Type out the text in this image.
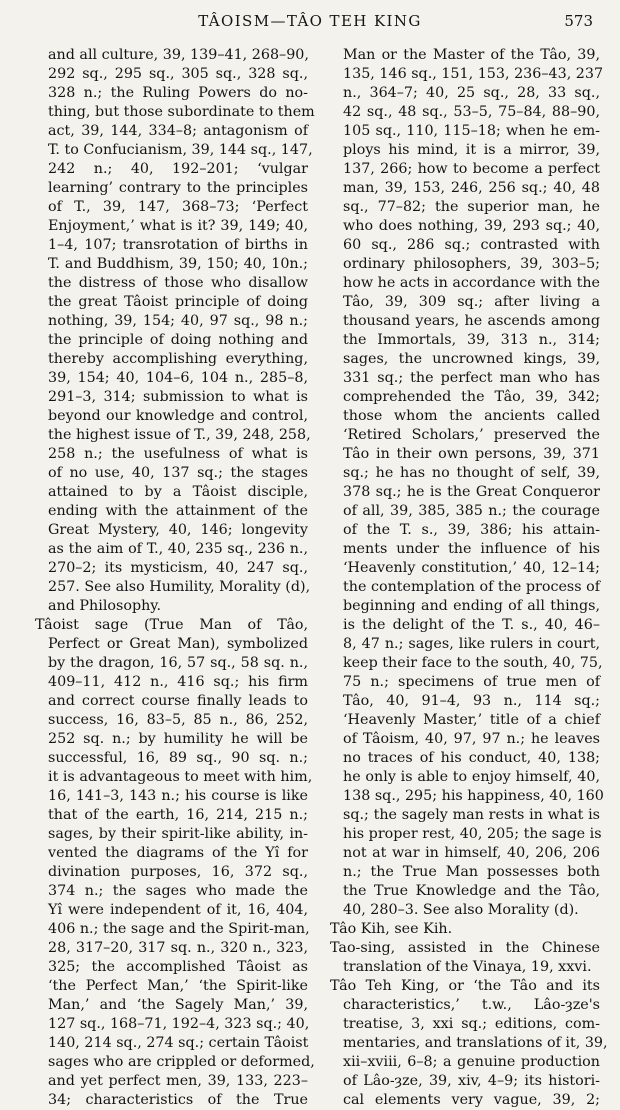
TÂOISM—TÂO TEH KING	573
and all culture, 39, 139–41, 268–90,
292 sq., 295 sq., 305 sq., 328 sq.,
328 n.; the Ruling Powers do no-
thing, but those subordinate to them
act, 39, 144, 334–8; antagonism of
T. to Confucianism, 39, 144 sq., 147,
242 n.; 40, 192–201; ‘vulgar
learning’ contrary to the principles
of T., 39, 147, 368–73; ‘Perfect
Enjoyment,’ what is it? 39, 149; 40,
1–4, 107; transrotation of births in
T. and Buddhism, 39, 150; 40, 10n.;
the distress of those who disallow
the great Tâoist principle of doing
nothing, 39, 154; 40, 97 sq., 98 n.;
the principle of doing nothing and
thereby accomplishing everything,
39, 154; 40, 104–6, 104 n., 285–8,
291–3, 314; submission to what is
beyond our knowledge and control,
the highest issue of T., 39, 248, 258,
258 n.; the usefulness of what is
of no use, 40, 137 sq.; the stages
attained to by a Tâoist disciple,
ending with the attainment of the
Great Mystery, 40, 146; longevity
as the aim of T., 40, 235 sq., 236 n.,
270–2; its mysticism, 40, 247 sq.,
257. See also Humility, Morality (d),
and Philosophy.
Tâoist sage (True Man of Tâo,
Perfect or Great Man), symbolized
by the dragon, 16, 57 sq., 58 sq. n.,
409–11, 412 n., 416 sq.; his firm
and correct course finally leads to
success, 16, 83–5, 85 n., 86, 252,
252 sq. n.; by humility he will be
successful, 16, 89 sq., 90 sq. n.;
it is advantageous to meet with him,
16, 141–3, 143 n.; his course is like
that of the earth, 16, 214, 215 n.;
sages, by their spirit-like ability, in-
vented the diagrams of the Yî for
divination purposes, 16, 372 sq.,
374 n.; the sages who made the
Yî were independent of it, 16, 404,
406 n.; the sage and the Spirit-man,
28, 317–20, 317 sq. n., 320 n., 323,
325; the accomplished Tâoist as
‘the Perfect Man,’ ‘the Spirit-like
Man,’ and ‘the Sagely Man,’ 39,
127 sq., 168–71, 192–4, 323 sq.; 40,
140, 214 sq., 274 sq.; certain Tâoist
sages who are crippled or deformed,
and yet perfect men, 39, 133, 223–
34; characteristics of the True
Man or the Master of the Tâo, 39,
135, 146 sq., 151, 153, 236–43, 237
n., 364–7; 40, 25 sq., 28, 33 sq.,
42 sq., 48 sq., 53–5, 75–84, 88–90,
105 sq., 110, 115–18; when he em-
ploys his mind, it is a mirror, 39,
137, 266; how to become a perfect
man, 39, 153, 246, 256 sq.; 40, 48
sq., 77–82; the superior man, he
who does nothing, 39, 293 sq.; 40,
60 sq., 286 sq.; contrasted with
ordinary philosophers, 39, 303–5;
how he acts in accordance with the
Tâo, 39, 309 sq.; after living a
thousand years, he ascends among
the Immortals, 39, 313 n., 314;
sages, the uncrowned kings, 39,
331 sq.; the perfect man who has
comprehended the Tâo, 39, 342;
those whom the ancients called
‘Retired Scholars,’ preserved the
Tâo in their own persons, 39, 371
sq.; he has no thought of self, 39,
378 sq.; he is the Great Conqueror
of all, 39, 385, 385 n.; the courage
of the T. s., 39, 386; his attain-
ments under the influence of his
‘Heavenly constitution,’ 40, 12–14;
the contemplation of the process of
beginning and ending of all things,
is the delight of the T. s., 40, 46–
8, 47 n.; sages, like rulers in court,
keep their face to the south, 40, 75,
75 n.; specimens of true men of
Tâo, 40, 91–4, 93 n., 114 sq.;
‘Heavenly Master,’ title of a chief
of Tâoism, 40, 97, 97 n.; he leaves
no traces of his conduct, 40, 138;
he only is able to enjoy himself, 40,
138 sq., 295; his happiness, 40, 160
sq.; the sagely man rests in what is
his proper rest, 40, 205; the sage is
not at war in himself, 40, 206, 206
n.; the True Man possesses both
the True Knowledge and the Tâo,
40, 280–3. See also Morality (d).
Tâo Kih, see Kih.
Tao-sing, assisted in the Chinese
translation of the Vinaya, 19, xxvi.
Tâo Teh King, or ‘the Tâo and its
characteristics,’ t.w., Lâo-ȝze's
treatise, 3, xxi sq.; editions, com-
mentaries, and translations of it, 39,
xii–xviii, 6–8; a genuine production
of Lâo-ȝze, 39, xiv, 4–9; its histori-
cal elements very vague, 39, 2;
